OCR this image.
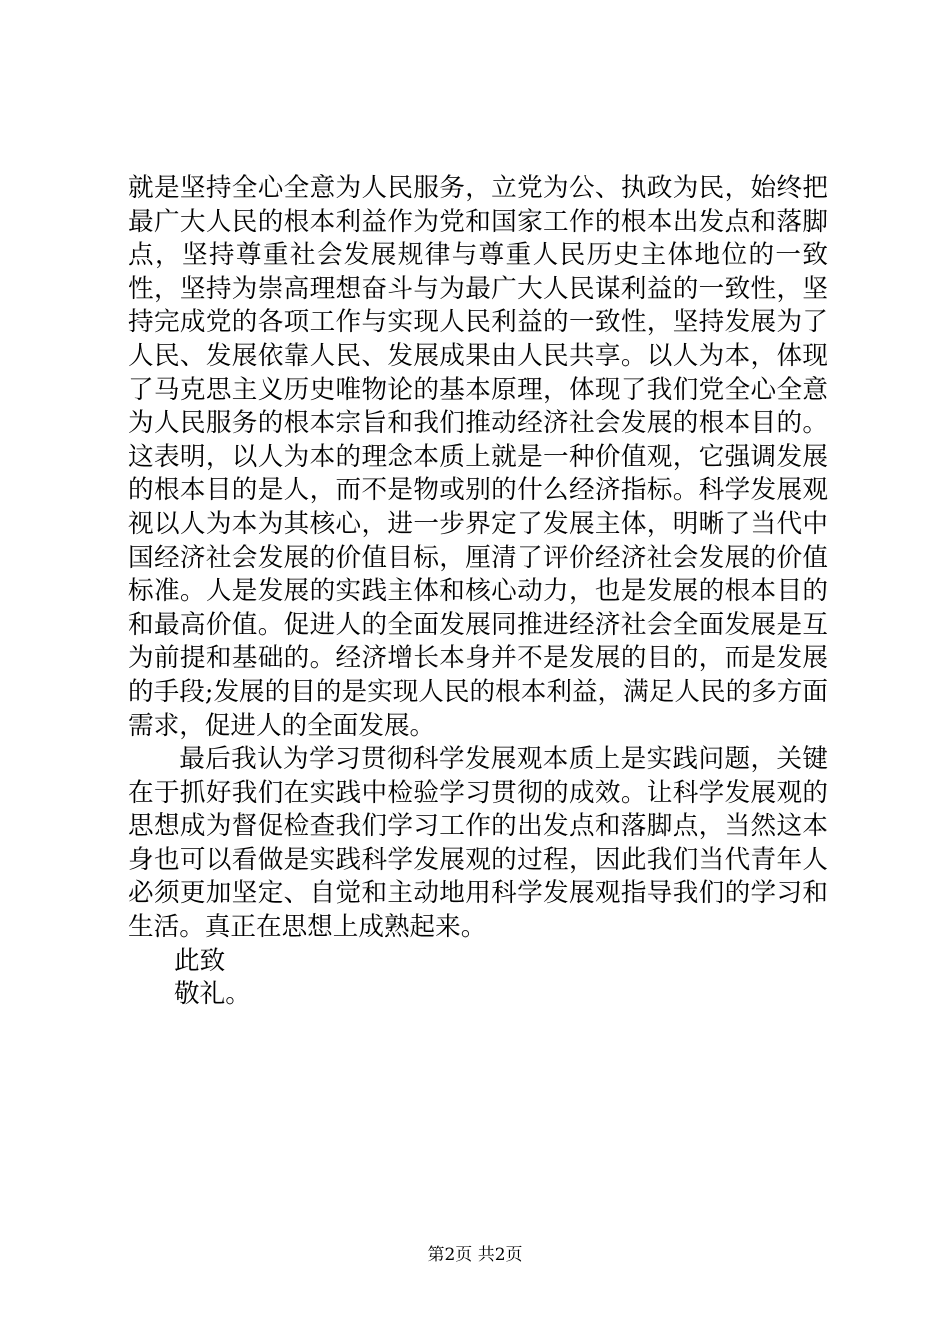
就是坚持全心全意为人民服务，立党为公、执政为民，始终把最广大人民的根本利益作为党和国家工作的根本出发点和落脚点，坚持尊重社会发展规律与尊重人民历史主体地位的一致性，坚持为崇高理想奋斗与为最广大人民谋利益的一致性，坚持完成党的各项工作与实现人民利益的一致性，坚持发展为了人民、发展依靠人民、发展成果由人民共享。以人为本，体现了马克思主义历史唯物论的基本原理，体现了我们党全心全意为人民服务的根本宗旨和我们推动经济社会发展的根本目的。这表明，以人为本的理念本质上就是一种价值观，它强调发展的根本目的是人，而不是物或别的什么经济指标。科学发展观视以人为本为其核心，进一步界定了发展主体，明晰了当代中国经济社会发展的价值目标，厘清了评价经济社会发展的价值标准。人是发展的实践主体和核心动力，也是发展的根本目的和最高价值。促进人的全面发展同推进经济社会全面发展是互为前提和基础的。经济增长本身并不是发展的目的，而是发展的手段;发展的目的是实现人民的根本利益，满足人民的多方面需求，促进人的全面发展。

最后我认为学习贯彻科学发展观本质上是实践问题，关键在于抓好我们在实践中检验学习贯彻的成效。让科学发展观的思想成为督促检查我们学习工作的出发点和落脚点，当然这本身也可以看做是实践科学发展观的过程，因此我们当代青年人必须更加坚定、自觉和主动地用科学发展观指导我们的学习和生活。真正在思想上成熟起来。

此致

敬礼。

第2页 共2页
